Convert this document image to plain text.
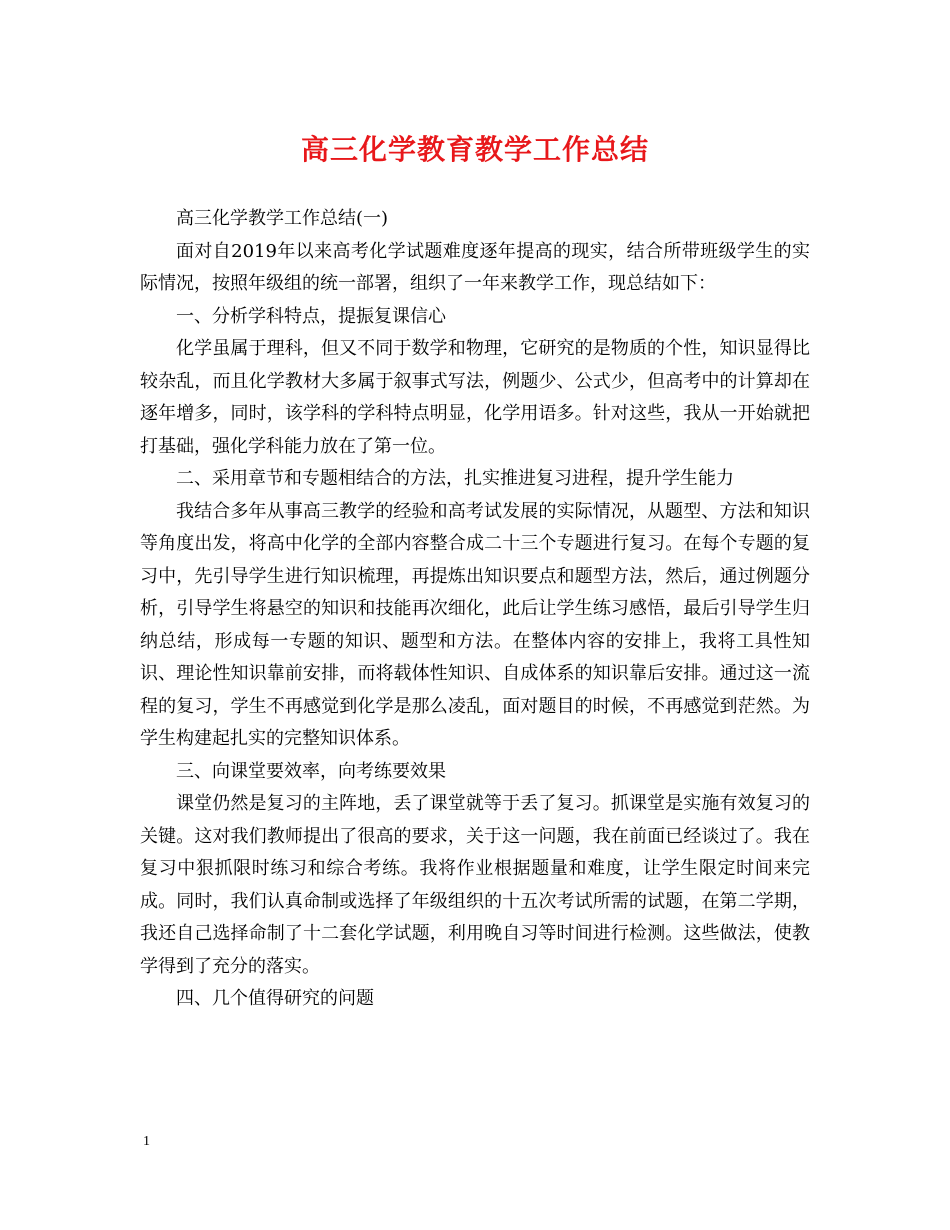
高三化学教育教学工作总结

高三化学教学工作总结(一)

面对自2019年以来高考化学试题难度逐年提高的现实，结合所带班级学生的实际情况，按照年级组的统一部署，组织了一年来教学工作，现总结如下：

一、分析学科特点，提振复课信心

化学虽属于理科，但又不同于数学和物理，它研究的是物质的个性，知识显得比较杂乱，而且化学教材大多属于叙事式写法，例题少、公式少，但高考中的计算却在逐年增多，同时，该学科的学科特点明显，化学用语多。针对这些，我从一开始就把打基础，强化学科能力放在了第一位。

二、采用章节和专题相结合的方法，扎实推进复习进程，提升学生能力

我结合多年从事高三教学的经验和高考试发展的实际情况，从题型、方法和知识等角度出发，将高中化学的全部内容整合成二十三个专题进行复习。在每个专题的复习中，先引导学生进行知识梳理，再提炼出知识要点和题型方法，然后，通过例题分析，引导学生将悬空的知识和技能再次细化，此后让学生练习感悟，最后引导学生归纳总结，形成每一专题的知识、题型和方法。在整体内容的安排上，我将工具性知识、理论性知识靠前安排，而将载体性知识、自成体系的知识靠后安排。通过这一流程的复习，学生不再感觉到化学是那么凌乱，面对题目的时候，不再感觉到茫然。为学生构建起扎实的完整知识体系。

三、向课堂要效率，向考练要效果

课堂仍然是复习的主阵地，丢了课堂就等于丢了复习。抓课堂是实施有效复习的关键。这对我们教师提出了很高的要求，关于这一问题，我在前面已经谈过了。我在复习中狠抓限时练习和综合考练。我将作业根据题量和难度，让学生限定时间来完成。同时，我们认真命制或选择了年级组织的十五次考试所需的试题，在第二学期，我还自己选择命制了十二套化学试题，利用晚自习等时间进行检测。这些做法，使教学得到了充分的落实。

四、几个值得研究的问题

1
